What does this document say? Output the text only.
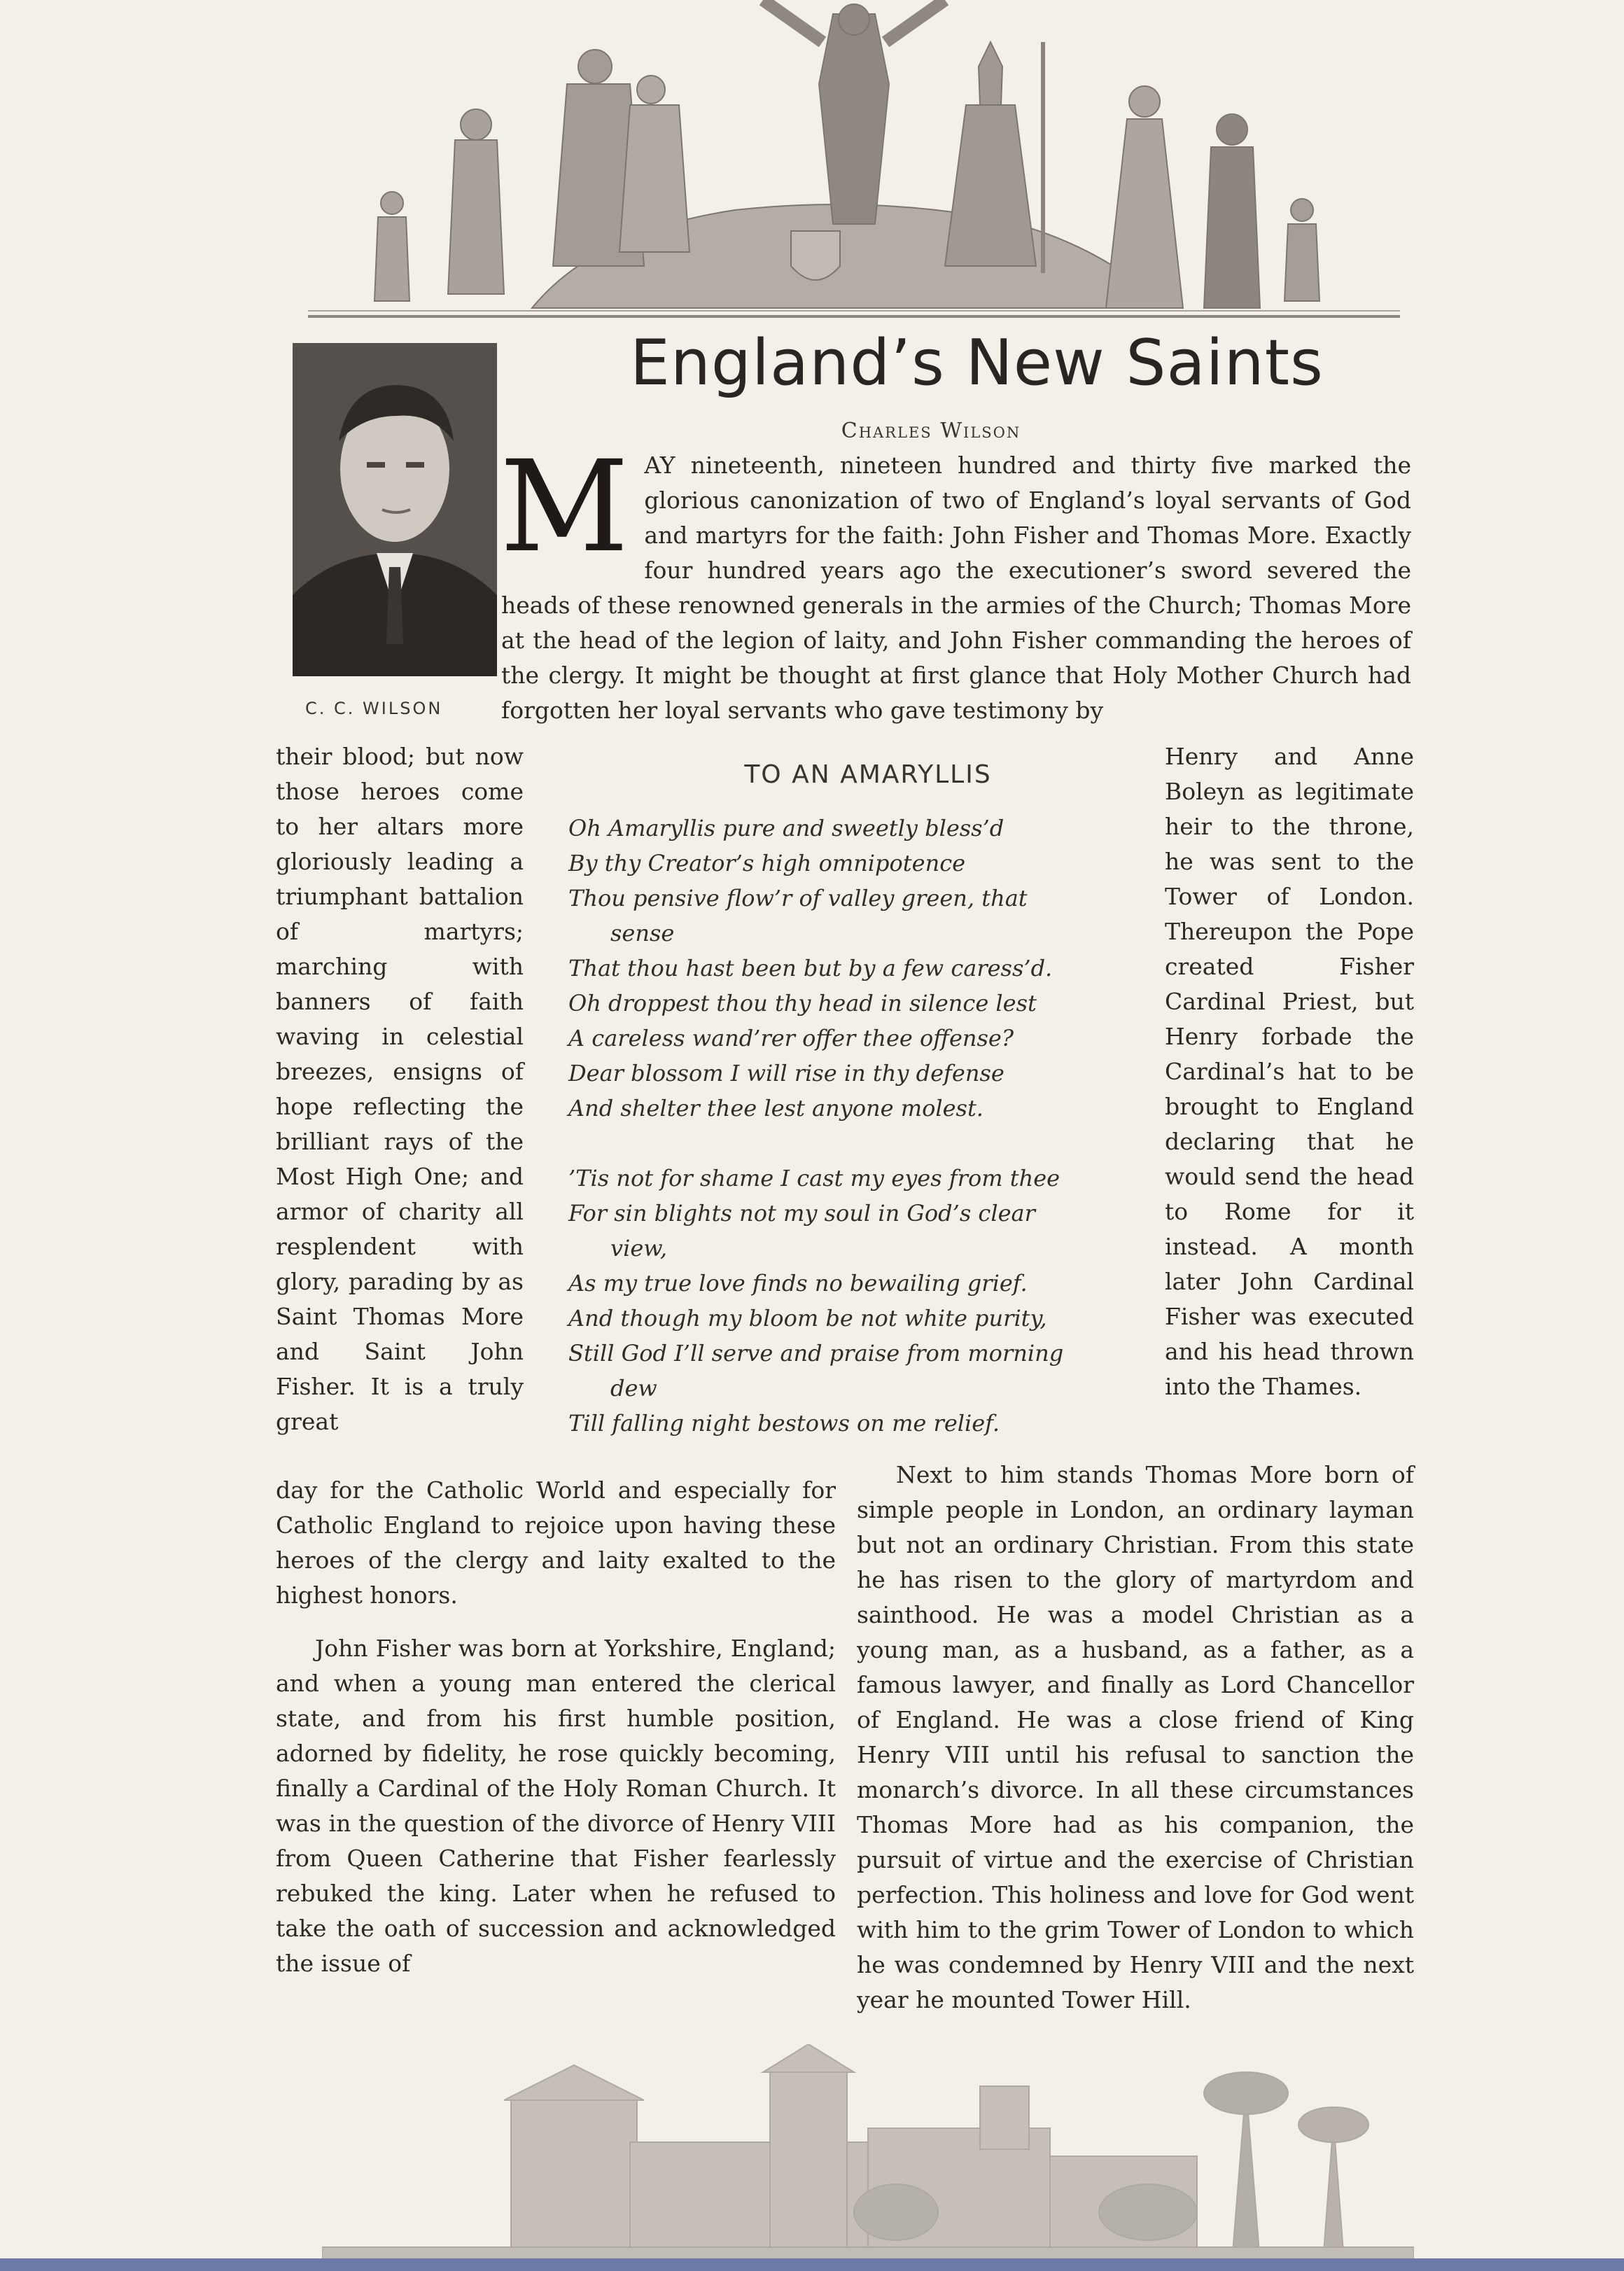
C. C. WILSON
England’s New Saints
Charles Wilson
M AY nineteenth, nineteen hundred and thirty five marked the glorious canonization of two of England’s loyal servants of God and martyrs for the faith: John Fisher and Thomas More. Exactly four hundred years ago the executioner’s sword severed the heads of these renowned generals in the armies of the Church; Thomas More at the head of the legion of laity, and John Fisher commanding the heroes of the clergy. It might be thought at first glance that Holy Mother Church had forgotten her loyal servants who gave testimony by

their blood; but now those heroes come to her altars more gloriously leading a triumphant battalion of martyrs; marching with banners of faith waving in celestial breezes, ensigns of hope reflecting the brilliant rays of the Most High One; and armor of charity all resplendent with glory, parading by as Saint Thomas More and Saint John Fisher. It is a truly great

TO AN AMARYLLIS
Oh Amaryllis pure and sweetly bless’d
By thy Creator’s high omnipotence
Thou pensive flow’r of valley green, that
sense
That thou hast been but by a few caress’d.
Oh droppest thou thy head in silence lest
A careless wand’rer offer thee offense?
Dear blossom I will rise in thy defense
And shelter thee lest anyone molest.
’Tis not for shame I cast my eyes from thee
For sin blights not my soul in God’s clear
view,
As my true love finds no bewailing grief.
And though my bloom be not white purity,
Still God I’ll serve and praise from morning
dew
Till falling night bestows on me relief.

Henry and Anne Boleyn as legitimate heir to the throne, he was sent to the Tower of London. Thereupon the Pope created Fisher Cardinal Priest, but Henry forbade the Cardinal’s hat to be brought to England declaring that he would send the head to Rome for it instead. A month later John Cardinal Fisher was executed and his head thrown into the Thames.

day for the Catholic World and especially for Catholic England to rejoice upon having these heroes of the clergy and laity exalted to the highest honors.

John Fisher was born at Yorkshire, England; and when a young man entered the clerical state, and from his first humble position, adorned by fidelity, he rose quickly becoming, finally a Cardinal of the Holy Roman Church. It was in the question of the divorce of Henry VIII from Queen Catherine that Fisher fearlessly rebuked the king. Later when he refused to take the oath of succession and acknowledged the issue of

Next to him stands Thomas More born of simple people in London, an ordinary layman but not an ordinary Christian. From this state he has risen to the glory of martyrdom and sainthood. He was a model Christian as a young man, as a husband, as a father, as a famous lawyer, and finally as Lord Chancellor of England. He was a close friend of King Henry VIII until his refusal to sanction the monarch’s divorce. In all these circumstances Thomas More had as his companion, the pursuit of virtue and the exercise of Christian perfection. This holiness and love for God went with him to the grim Tower of London to which he was condemned by Henry VIII and the next year he mounted Tower Hill.
